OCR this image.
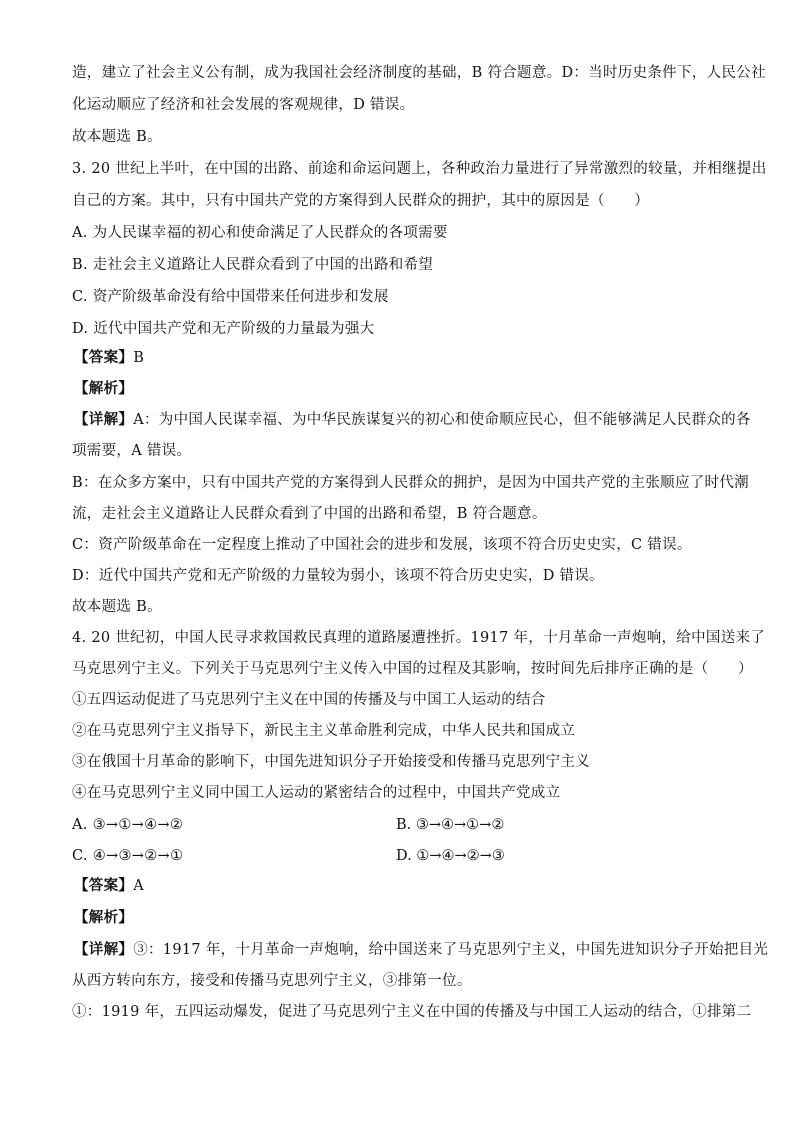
造，建立了社会主义公有制，成为我国社会经济制度的基础，B 符合题意。D：当时历史条件下，人民公社
化运动顺应了经济和社会发展的客观规律，D 错误。
故本题选 B。
3. 20 世纪上半叶，在中国的出路、前途和命运问题上，各种政治力量进行了异常激烈的较量，并相继提出
自己的方案。其中，只有中国共产党的方案得到人民群众的拥护，其中的原因是（　　）
A. 为人民谋幸福的初心和使命满足了人民群众的各项需要
B. 走社会主义道路让人民群众看到了中国的出路和希望
C. 资产阶级革命没有给中国带来任何进步和发展
D. 近代中国共产党和无产阶级的力量最为强大
【答案】B
【解析】
【详解】A：为中国人民谋幸福、为中华民族谋复兴的初心和使命顺应民心，但不能够满足人民群众的各
项需要，A 错误。
B：在众多方案中，只有中国共产党的方案得到人民群众的拥护，是因为中国共产党的主张顺应了时代潮
流，走社会主义道路让人民群众看到了中国的出路和希望，B 符合题意。
C：资产阶级革命在一定程度上推动了中国社会的进步和发展，该项不符合历史史实，C 错误。
D：近代中国共产党和无产阶级的力量较为弱小，该项不符合历史史实，D 错误。
故本题选 B。
4. 20 世纪初，中国人民寻求救国救民真理的道路屡遭挫折。1917 年，十月革命一声炮响，给中国送来了
马克思列宁主义。下列关于马克思列宁主义传入中国的过程及其影响，按时间先后排序正确的是（　　）
①五四运动促进了马克思列宁主义在中国的传播及与中国工人运动的结合
②在马克思列宁主义指导下，新民主主义革命胜利完成，中华人民共和国成立
③在俄国十月革命的影响下，中国先进知识分子开始接受和传播马克思列宁主义
④在马克思列宁主义同中国工人运动的紧密结合的过程中，中国共产党成立
A. ③→①→④→②	B. ③→④→①→②
C. ④→③→②→①	D. ①→④→②→③
【答案】A
【解析】
【详解】③：1917 年，十月革命一声炮响，给中国送来了马克思列宁主义，中国先进知识分子开始把目光
从西方转向东方，接受和传播马克思列宁主义，③排第一位。
①：1919 年，五四运动爆发，促进了马克思列宁主义在中国的传播及与中国工人运动的结合，①排第二
